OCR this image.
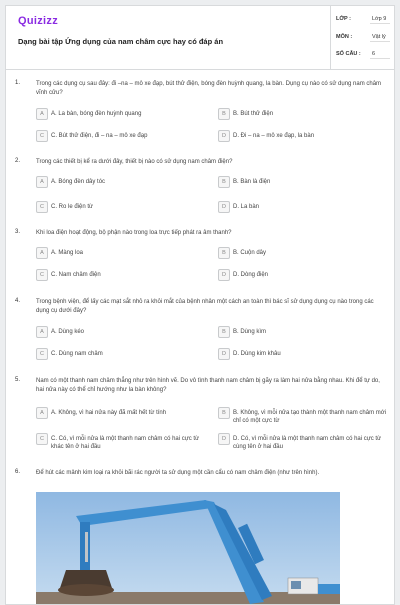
Quizizz
Dạng bài tập Ứng dụng của nam châm cực hay có đáp án
LỚP :	Lớp 9
MÔN :	Vật lý
SỐ CÂU :	6
1.	Trong các dụng cụ sau đây: đi –na – mô xe đạp, bút thử điện, bóng đèn huỳnh quang, la bàn. Dụng cụ nào có sử dụng nam châm vĩnh cửu?
A	A. La bàn, bóng đèn huỳnh quang	B	B. Bút thử điện
C	C. Bút thử điện, đi – na – mô xe đạp	D	D. Đi – na – mô xe đạp, la bàn
2.	Trong các thiết bị kể ra dưới đây, thiết bị nào có sử dụng nam châm điện?
A	A. Bóng đèn dây tóc	B	B. Bàn là điện
C	C. Ro le điện từ	D	D. La bàn
3.	Khi loa điện hoạt động, bộ phận nào trong loa trực tiếp phát ra âm thanh?
A	A. Màng loa	B	B. Cuộn dây
C	C. Nam châm điện	D	D. Dòng điện
4.	Trong bệnh viện, để lấy các mạt sắt nhỏ ra khỏi mắt của bệnh nhân một cách an toàn thì bác sĩ sử dụng dụng cụ nào trong các dụng cụ dưới đây?
A	A. Dùng kéo	B	B. Dùng kìm
C	C. Dùng nam châm	D	D. Dùng kim khâu
5.	Nam có một thanh nam châm thẳng như trên hình vẽ. Do vô tình thanh nam châm bị gãy ra làm hai nửa bằng nhau. Khi để tự do, hai nửa này có thể chỉ hướng như la bàn không?
A	A. Không, vì hai nửa này đã mất hết từ tính	B	B. Không, vì mỗi nửa tạo thành một thanh nam châm mới chỉ có một cực từ
C	C. Có, vì mỗi nửa là một thanh nam châm có hai cực từ khác tên ở hai đầu
D	D. Có, vì mỗi nửa là một thanh nam châm có hai cực từ cùng tên ở hai đầu
6.	Để hút các mảnh kim loại ra khỏi bãi rác người ta sử dụng một cần cẩu có nam châm điện (như trên hình).
